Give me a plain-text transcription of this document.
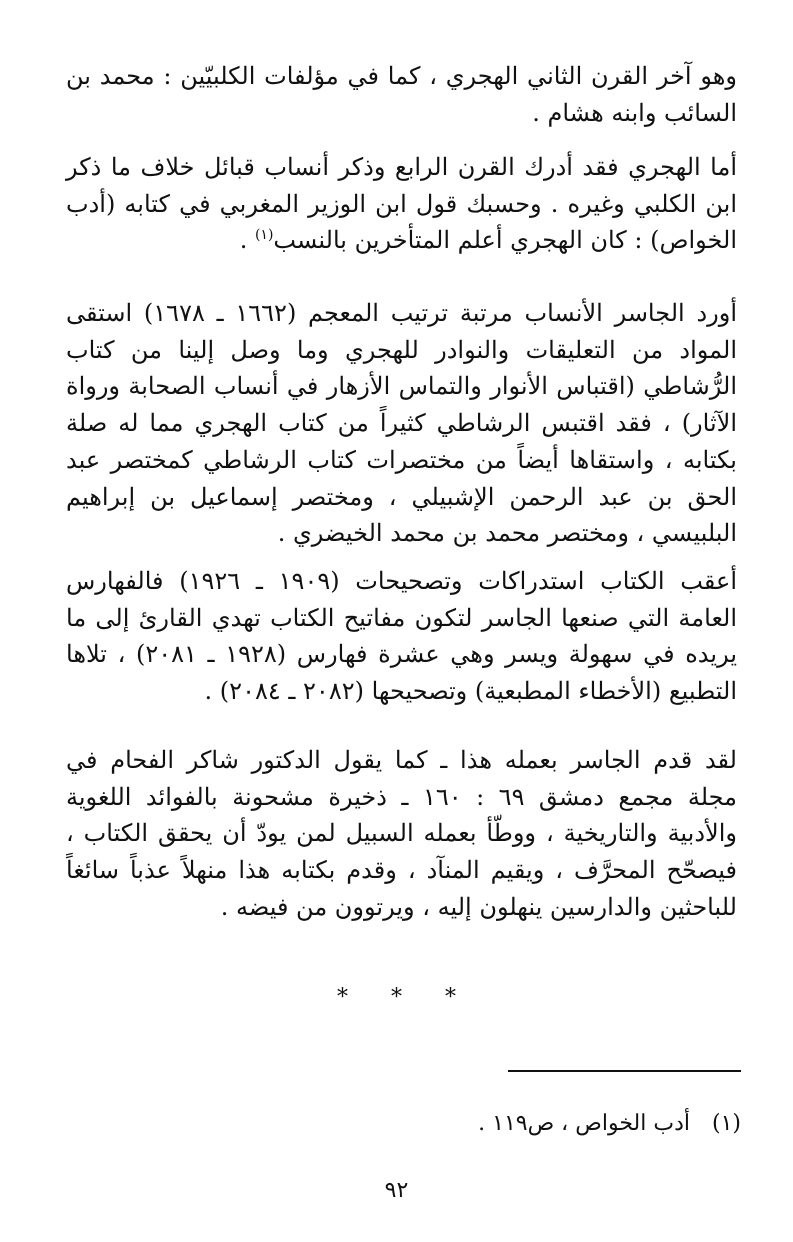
وهو آخر القرن الثاني الهجري ، كما في مؤلفات الكلبيّين : محمد بن السائب وابنه هشام .

أما الهجري فقد أدرك القرن الرابع وذكر أنساب قبائل خلاف ما ذكر ابن الكلبي وغيره . وحسبك قول ابن الوزير المغربي في كتابه (أدب الخواص) : كان الهجري أعلم المتأخرين بالنسب$^{(١)}$ .

أورد الجاسر الأنساب مرتبة ترتيب المعجم (١٦٦٢ ـ ١٦٧٨) استقى المواد من التعليقات والنوادر للهجري وما وصل إلينا من كتاب الرُّشاطي (اقتباس الأنوار والتماس الأزهار في أنساب الصحابة ورواة الآثار) ، فقد اقتبس الرشاطي كثيراً من كتاب الهجري مما له صلة بكتابه ، واستقاها أيضاً من مختصرات كتاب الرشاطي كمختصر عبد الحق بن عبد الرحمن الإشبيلي ، ومختصر إسماعيل بن إبراهيم البلبيسي ، ومختصر محمد بن محمد الخيضري .

أعقب الكتاب استدراكات وتصحيحات (١٩٠٩ ـ ١٩٢٦) فالفهارس العامة التي صنعها الجاسر لتكون مفاتيح الكتاب تهدي القارئ إلى ما يريده في سهولة ويسر وهي عشرة فهارس (١٩٢٨ ـ ٢٠٨١) ، تلاها التطبيع (الأخطاء المطبعية) وتصحيحها (٢٠٨٢ ـ ٢٠٨٤) .

لقد قدم الجاسر بعمله هذا ـ كما يقول الدكتور شاكر الفحام في مجلة مجمع دمشق ٦٩ : ١٦٠ ـ ذخيرة مشحونة بالفوائد اللغوية والأدبية والتاريخية ، ووطّأ بعمله السبيل لمن يودّ أن يحقق الكتاب ، فيصحّح المحرَّف ، ويقيم المنآد ، وقدم بكتابه هذا منهلاً عذباً سائغاً للباحثين والدارسين ينهلون إليه ، ويرتوون من فيضه .

* * *
(١)أدب الخواص ، ص١١٩ .
٩٢
